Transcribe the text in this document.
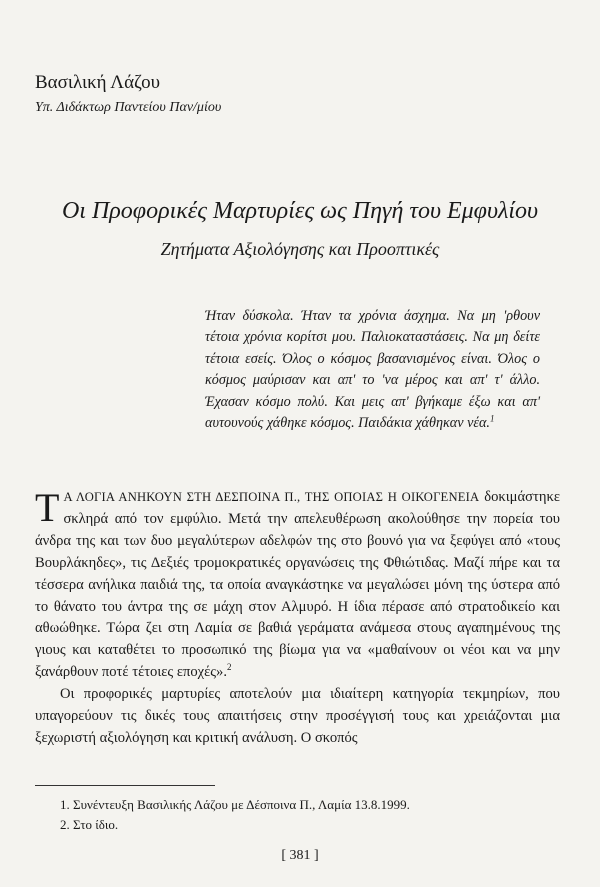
Βασιλική Λάζου
Υπ. Διδάκτωρ Παντείου Παν/μίου
Οι Προφορικές Μαρτυρίες ως Πηγή του Εμφυλίου
Ζητήματα Αξιολόγησης και Προοπτικές
Ήταν δύσκολα. Ήταν τα χρόνια άσχημα. Να μη 'ρθουν τέτοια χρόνια κορίτσι μου. Παλιοκαταστάσεις. Να μη δείτε τέτοια εσείς. Όλος ο κόσμος βασανισμένος είναι. Όλος ο κόσμος μαύρισαν και απ' το 'να μέρος και απ' τ' άλλο. Έχασαν κόσμο πολύ. Και μεις απ' βγήκαμε έξω και απ' αυτουνούς χάθηκε κόσμος. Παιδάκια χάθηκαν νέα.$^1$

Τ Α ΛΟΓΙΑ ΑΝΗΚΟΥΝ ΣΤΗ ΔΕΣΠΟΙΝΑ Π., ΤΗΣ ΟΠΟΙΑΣ Η ΟΙΚΟΓΕΝΕΙΑ δοκιμάστηκε σκληρά από τον εμφύλιο. Μετά την απελευθέρωση ακολούθησε την πορεία του άνδρα της και των δυο μεγαλύτερων αδελφών της στο βουνό για να ξεφύγει από «τους Βουρλάκηδες», τις Δεξιές τρομοκρατικές οργανώσεις της Φθιώτιδας. Μαζί πήρε και τα τέσσερα ανήλικα παιδιά της, τα οποία αναγκάστηκε να μεγαλώσει μόνη της ύστερα από το θάνατο του άντρα της σε μάχη στον Αλμυρό. Η ίδια πέρασε από στρατοδικείο και αθωώθηκε. Τώρα ζει στη Λαμία σε βαθιά γεράματα ανάμεσα στους αγαπημένους της γιους και καταθέτει το προσωπικό της βίωμα για να «μαθαίνουν οι νέοι και να μην ξανάρθουν ποτέ τέτοιες εποχές».$^2$

Οι προφορικές μαρτυρίες αποτελούν μια ιδιαίτερη κατηγορία τεκμηρίων, που υπαγορεύουν τις δικές τους απαιτήσεις στην προσέγγισή τους και χρειάζονται μια ξεχωριστή αξιολόγηση και κριτική ανάλυση. Ο σκοπός

1. Συνέντευξη Βασιλικής Λάζου με Δέσποινα Π., Λαμία 13.8.1999.
2. Στο ίδιο.
[ 381 ]
